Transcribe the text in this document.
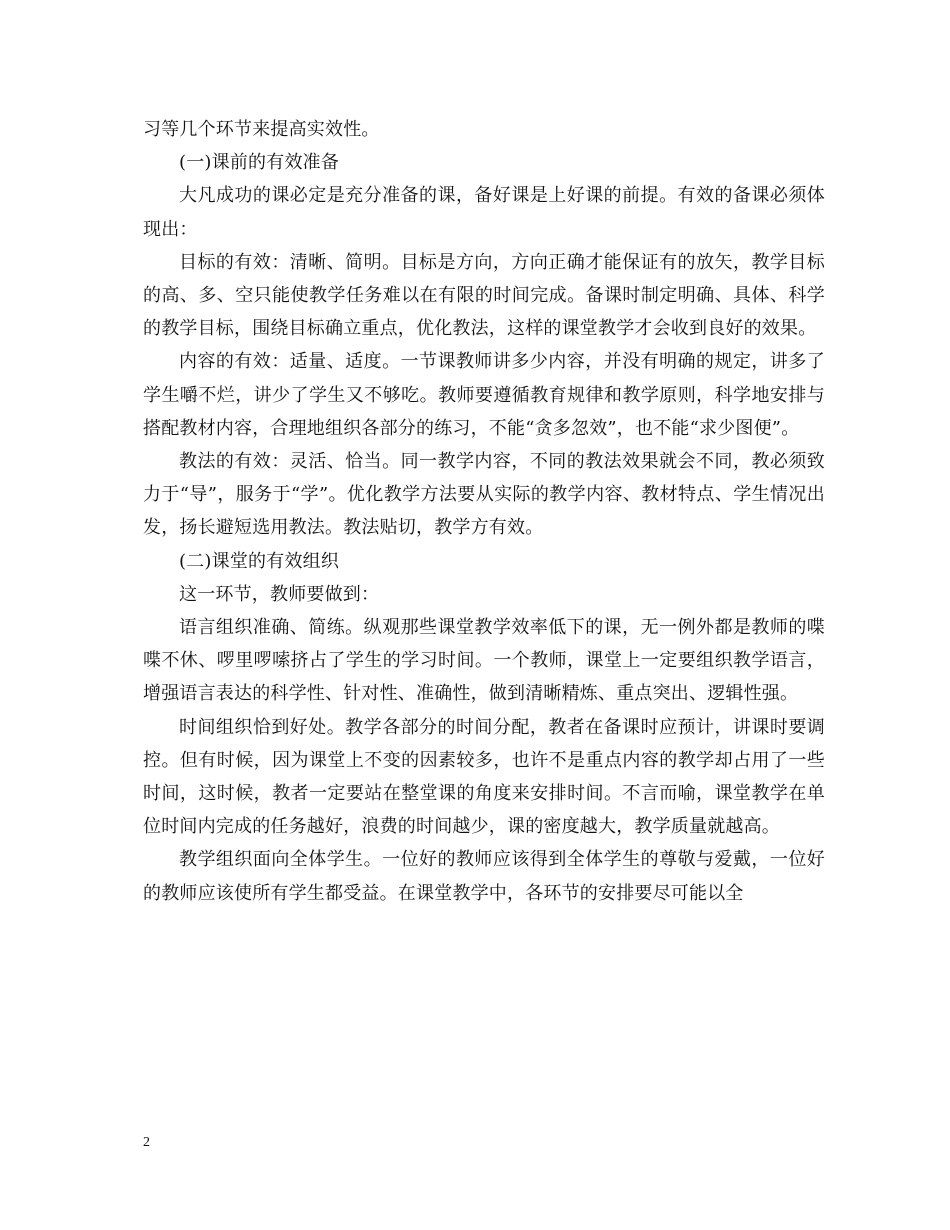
习等几个环节来提高实效性。

(一)课前的有效准备

大凡成功的课必定是充分准备的课，备好课是上好课的前提。有效的备课必须体现出：

目标的有效：清晰、简明。目标是方向，方向正确才能保证有的放矢，教学目标的高、多、空只能使教学任务难以在有限的时间完成。备课时制定明确、具体、科学的教学目标，围绕目标确立重点，优化教法，这样的课堂教学才会收到良好的效果。

内容的有效：适量、适度。一节课教师讲多少内容，并没有明确的规定，讲多了学生嚼不烂，讲少了学生又不够吃。教师要遵循教育规律和教学原则，科学地安排与搭配教材内容，合理地组织各部分的练习，不能“贪多忽效”，也不能“求少图便”。

教法的有效：灵活、恰当。同一教学内容，不同的教法效果就会不同，教必须致力于“导”，服务于“学”。优化教学方法要从实际的教学内容、教材特点、学生情况出发，扬长避短选用教法。教法贴切，教学方有效。

(二)课堂的有效组织

这一环节，教师要做到：

语言组织准确、简练。纵观那些课堂教学效率低下的课，无一例外都是教师的喋喋不休、啰里啰嗦挤占了学生的学习时间。一个教师，课堂上一定要组织教学语言，增强语言表达的科学性、针对性、准确性，做到清晰精炼、重点突出、逻辑性强。

时间组织恰到好处。教学各部分的时间分配，教者在备课时应预计，讲课时要调控。但有时候，因为课堂上不变的因素较多，也许不是重点内容的教学却占用了一些时间，这时候，教者一定要站在整堂课的角度来安排时间。不言而喻，课堂教学在单位时间内完成的任务越好，浪费的时间越少，课的密度越大，教学质量就越高。

教学组织面向全体学生。一位好的教师应该得到全体学生的尊敬与爱戴，一位好的教师应该使所有学生都受益。在课堂教学中，各环节的安排要尽可能以全

2
